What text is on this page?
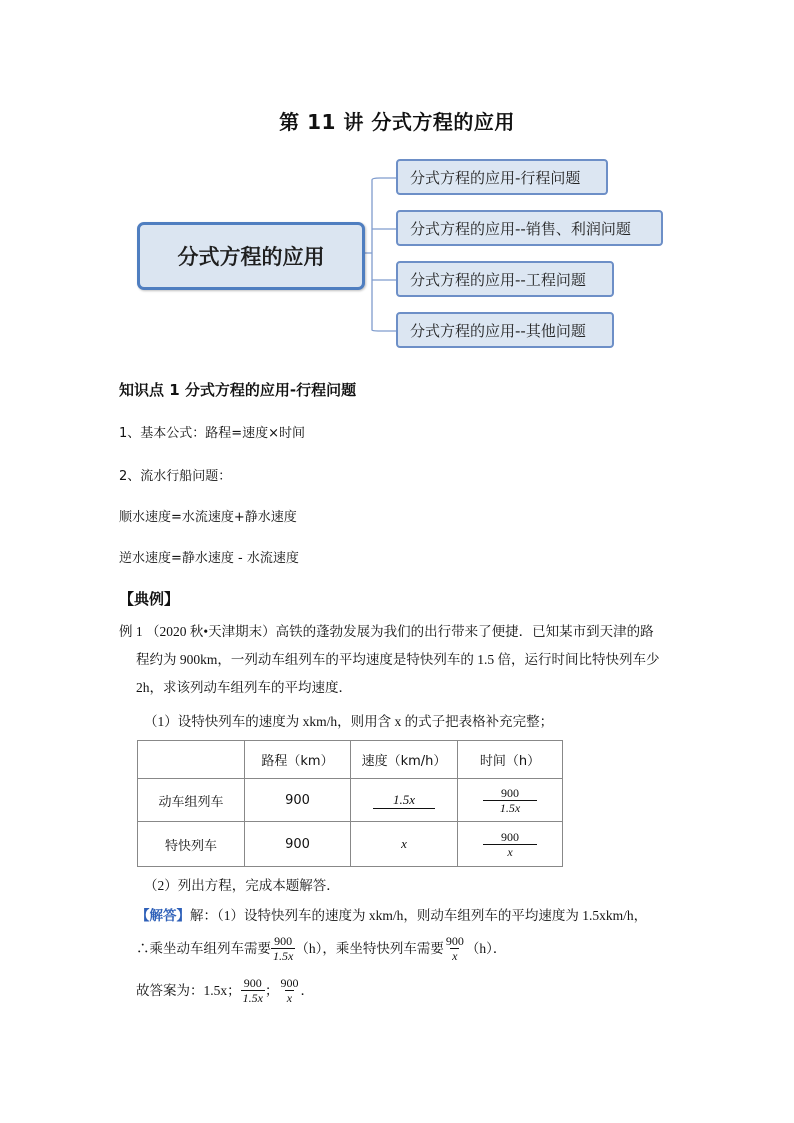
第 11 讲 分式方程的应用
分式方程的应用
分式方程的应用-行程问题
分式方程的应用--销售、利润问题
分式方程的应用--工程问题
分式方程的应用--其他问题
知识点 1 分式方程的应用-行程问题
1、基本公式：路程=速度×时间
2、流水行船问题：
顺水速度=水流速度+静水速度
逆水速度=静水速度 - 水流速度
【典例】
例 1 （2020 秋•天津期末）高铁的蓬勃发展为我们的出行带来了便捷．已知某市到天津的路
程约为 900km，一列动车组列车的平均速度是特快列车的 1.5 倍，运行时间比特快列车少
2h，求该列动车组列车的平均速度．
（1）设特快列车的速度为 xkm/h，则用含 x 的式子把表格补充完整；
	路程（km）	速度（km/h）	时间（h）
动车组列车	900	1.5x	$\frac{900}{1.5x}$

特快列车	900	x	$\frac{900}{x}$
（2）列出方程，完成本题解答．
【解答】解：（1）设特快列车的速度为 xkm/h，则动车组列车的平均速度为 1.5xkm/h，
∴乘坐动车组列车需要 $\frac{900}{1.5x} (h)$，乘坐特快列车需要 $\frac{900}{x} (h)$．
故答案为：1.5x； $\frac{900}{1.5x}$ ； $\frac{900}{x}$ ．
